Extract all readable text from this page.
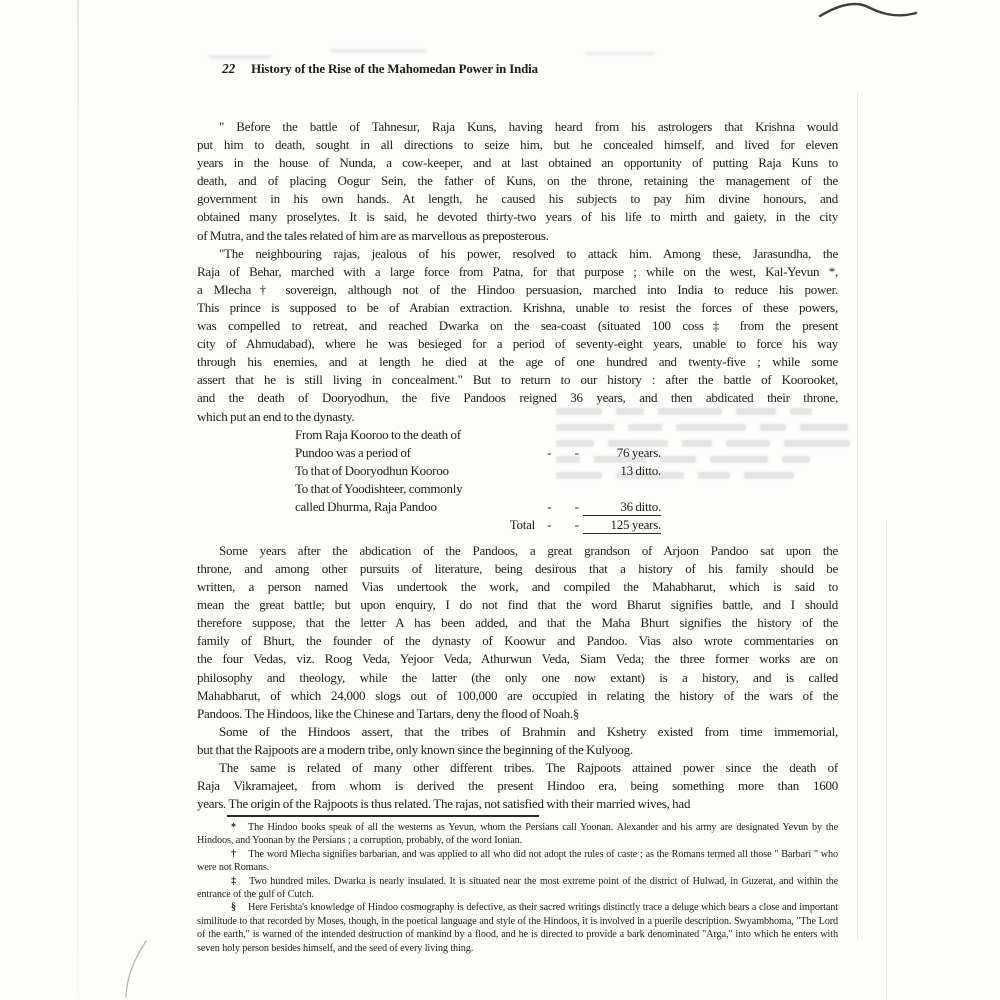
22 History of the Rise of the Mahomedan Power in India
" Before the battle of Tahnesur, Raja Kuns, having heard from his astrologers that Krishna would
put him to death, sought in all directions to seize him, but he concealed himself, and lived for eleven
years in the house of Nunda, a cow-keeper, and at last obtained an opportunity of putting Raja Kuns to
death, and of placing Oogur Sein, the father of Kuns, on the throne, retaining the management of the
government in his own hands. At length, he caused his subjects to pay him divine honours, and
obtained many proselytes. It is said, he devoted thirty-two years of his life to mirth and gaiety, in the city
of Mutra, and the tales related of him are as marvellous as preposterous.
"The neighbouring rajas, jealous of his power, resolved to attack him. Among these, Jarasundha, the
Raja of Behar, marched with a large force from Patna, for that purpose ; while on the west, Kal-Yevun *,
a Mlecha† sovereign, although not of the Hindoo persuasion, marched into India to reduce his power.
This prince is supposed to be of Arabian extraction. Krishna, unable to resist the forces of these powers,
was compelled to retreat, and reached Dwarka on the sea-coast (situated 100 coss‡ from the present
city of Ahmudabad), where he was besieged for a period of seventy-eight years, unable to force his way
through his enemies, and at length he died at the age of one hundred and twenty-five ; while some
assert that he is still living in concealment." But to return to our history : after the battle of Koorooket,
and the death of Dooryodhun, the five Pandoos reigned 36 years, and then abdicated their throne,
which put an end to the dynasty.
From Raja Kooroo to the death of
Pundoo was a period of	- -	76 years.
To that of Dooryodhun Kooroo	13 ditto.
To that of Yoodishteer, commonly
called Dhurma, Raja Pandoo	- -	36 ditto.
Total - -	125 years.
Some years after the abdication of the Pandoos, a great grandson of Arjoon Pandoo sat upon the
throne, and among other pursuits of literature, being desirous that a history of his family should be
written, a person named Vias undertook the work, and compiled the Mahabharut, which is said to
mean the great battle; but upon enquiry, I do not find that the word Bharut signifies battle, and I should
therefore suppose, that the letter A has been added, and that the Maha Bhurt signifies the history of the
family of Bhurt, the founder of the dynasty of Koowur and Pandoo. Vias also wrote commentaries on
the four Vedas, viz. Roog Veda, Yejoor Veda, Athurwun Veda, Siam Veda; the three former works are on
philosophy and theology, while the latter (the only one now extant) is a history, and is called
Mahabharut, of which 24,000 slogs out of 100,000 are occupied in relating the history of the wars of the
Pandoos. The Hindoos, like the Chinese and Tartars, deny the flood of Noah.§
Some of the Hindoos assert, that the tribes of Brahmin and Kshetry existed from time immemorial,
but that the Rajpoots are a modern tribe, only known since the beginning of the Kulyoog.
The same is related of many other different tribes. The Rajpoots attained power since the death of
Raja Vikramajeet, from whom is derived the present Hindoo era, being something more than 1600
years. The origin of the Rajpoots is thus related. The rajas, not satisfied with their married wives, had
* The Hindoo books speak of all the westerns as Yevun, whom the Persians call Yoonan. Alexander and his army are designated Yevun by the Hindoos, and Yoonan by the Persians ; a corruption, probably, of the word Ionian.
† The word Mlecha signifies barbarian, and was applied to all who did not adopt the rules of caste ; as the Romans termed all those " Barbari " who were not Romans.
‡ Two hundred miles. Dwarka is nearly insulated. It is situated near the most extreme point of the district of Hulwad, in Guzerat, and within the entrance of the gulf of Cutch.
§ Here Ferishta's knowledge of Hindoo cosmography is defective, as their sacred writings distinctly trace a deluge which bears a close and important similitude to that recorded by Moses, though, in the poetical language and style of the Hindoos, it is involved in a puerile description. Swyambhoma, "The Lord of the earth," is warned of the intended destruction of mankind by a flood, and he is directed to provide a bark denominated "Arga," into which he enters with seven holy person besides himself, and the seed of every living thing.
